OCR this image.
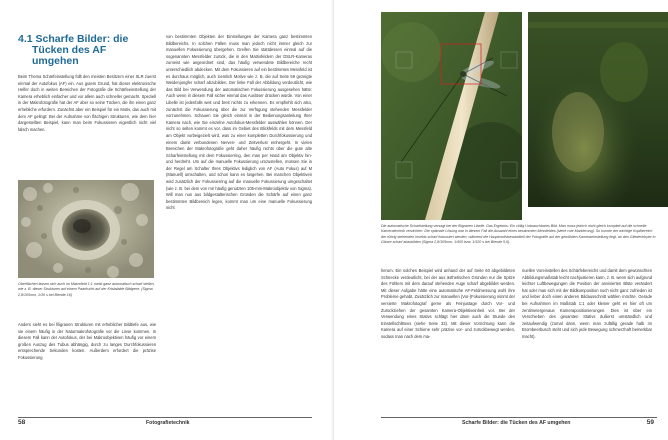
4.1 Scharfe Bilder: die
Tücken des AF umgehen
Beim Thema Schärfeinstellung füllt den meisten Besitzern einer SLR zuerst einmal der Autofokus (AF) ein. Aus gutem Grund, hat dieser elektronische Helfer doch in weiten Bereichen der Fotografie die Schärfeeinstellung der Kamera erheblich einfacher und vor allem auch schneller gemacht. Speziell in der Makrofotografie hat der AF aber so seine Tücken, die ihn einen ganz erhebliche erfordern. Zunächst aber ein Beispiel für ein Motiv, das auch mit dem AF gelingt: Bei der Aufnahme von flächigen Strukturen, wie dem hier dargestellten Beispiel, kann man beim Fokussieren eigentlich nicht viel falsch machen.
Oberflächen lassen sich auch im Makrofeld 1:1 meist ganz automatisch scharf stellen, wie z. B. dieser Strukturen auf einem Paarfrucht auf der Kristalalde Bildgene. (Sigma 2,8/105mm, 1/30 s bei Blende 16)
Anders sieht es bei filigranen Strukturen mit erheblicher Bildtiefe aus, wie sie einem häufig in der Naturmakrofotografie vor die Linse kommen. In diesem Fall kann der Autofokus, der bei Makroobjektiven häufig vor einem großen Auszug des Tubus abhängig, durch zu langes Durchfokussieren entsprechende Sekunden kosten. Außerdem erfordert die präzise Fokussierung
von bestimmten Objekten der Einstellungen der Kamera ganz bestimmten Bildbereichs. In solchen Fällen muss man jedoch nicht immer gleich zur manuellen Fokussierung übergehen. Greifen Sie stattdessen einmal auf die sogenannten Messfelder zurück, die in den Matrixfeldern der DSLR-Kameras zumeist wie angeordnet sind, das häufig verwendete Bildbereiche recht unterschiedlich abdecken. Mit dem Fokussieren auf ein bestimmtes Messfeld ist es durchaus möglich, auch ziemlich Motive wie z. B. die auf Seite 59 gezeigte Weidenjungfer scharf abzubilden. Der linke Fall der Abbildung verdeutlicht, wie das Bild bei Verwendung der automatischen Fokussierung ausgesehen hätte: Auch wenn in diesem Fall sicher einmal das Auslöser drücken würde. Von einer Libelle ist jedenfalls weit und breit nichts zu erkennen. Es empfiehlt sich also, zunächst die Fokussierung über die zur Verfügung stehenden Messfelder vorzunehmen. Schauen Sie gleich einmal in der Bedienungsanleitung Ihrer Kamera nach, wie Sie einzelne Autofokus-Messfelder auswählen können. Der nicht so selten kommt es vor, dass im Gebiet des Blickfelds mit dem Messfeld am Objekt vorbeigezielt wird, was zu einer kompletten Durchfokussierung und einem damit verbundenen Nerven- und Zeitverlust einhergeht. In vielen Bereichen der Makrofotografie geht daher häufig nichts über die gute alte Scharfeinstellung mit dem Fokussierring, den man per Hand am Objektiv hin- und herdreht. Um auf die manuelle Fokussierung umzustellen, müssen Sie in der Regel am Schalter Ihres Objektivs lediglich von AF (Auto Fokus) auf M (Manuell) umschalten, und schon kann es losgehen. Bei manchen Objektiven wird zusätzlich der Fokussierring auf die manuelle Fokussierung umgeschaltet (wie z. B. bei dem von mir häufig genutzten 105-mm-Makroobjektiv von Sigma). Will man nun aus bildgestalterischen Gründen die Schärfe auf einen ganz bestimmten Bildbereich legen, kommt man um eine manuelle Fokussierung nicht
58	Fotografietechnik
Die automatische Scharfstellung versagt bei der filigranen Libelle. Das Ergebnis: Ein völlig Unbrauchbares Bild. Man muss jedoch nicht gleich komplett auf die schnelle Kameratechnik verzichten. Die optimale Lösung war in diesem Fall die Auswahl eines bestimmten Messfeldes (siehe rote Markierung). So konnte der wichtige Kopfbereich der rührig stehenden Insekts scharf fokussiert werden, während die Hauptmotivbestandteil der Fotografie auf der gewählten Kameraeinstellung liegt, an den Gliederkörper in Gänze scharf abzubilden (Sigma 2,8/105mm, 1/400 bzw. 1/320 s bei Blende 5,6).
herum. Ein solches Beispiel wird anhand der auf Seite 60 abgebildeten Schnecke verdeutlicht, bei der aus ästhetischen Gründen nur die Spitze des Fühlers mit dem darauf stehenden Auge scharf abgebildet werden. Mit dieser Aufgabe hätte eine automatische AF-Feldmessung wohl ihre Probleme gehabt. Zusätzlich zur manuellen (Vor-)Fokussierung nimmt der versierte Makrofotograf gerne als Feinjustage durch Vor- und Zurückziehen der gesamten Kamera-Objektiveinheit vor. Bei der Verwendung eines Stativs schlägt hier dann auch die Stunde des Einstellschlittens (siehe Seite 33). Mit dieser Vorrichtung kann die Kamera auf einer Schiene sehr präzise vor- und zurückbewegt werden, sodass man nach dem ma-
nuellen Voreinstellen des Schärfebereichs und damit dem gewünschten Abbildungsmaßstab leicht nachjustieren kann, z. B. wenn sich aufgrund leichter Luftbewegungen die Position der anvisierten Blüte verändert hat oder man sich mit der Bildkomposition noch nicht ganz zufrieden ist und lieber doch einen anderen Bildausschnitt wählen möchte. Gerade bei Aufnahmen im Maßstab 1:1 oder kleiner geht es hier oft um zentimetergenaue Kamerapositionierungen. Dies ist über ein Verschieben des gesamten Stativs äußerst umständlich und zeitaufwendig (zumal dann, wenn man zufällig gerade halb im Brombeerbusch steht und sich jede Bewegung schmerzhaft bemerkbar macht).
Scharfe Bilder: die Tücken des AF umgehen	59
